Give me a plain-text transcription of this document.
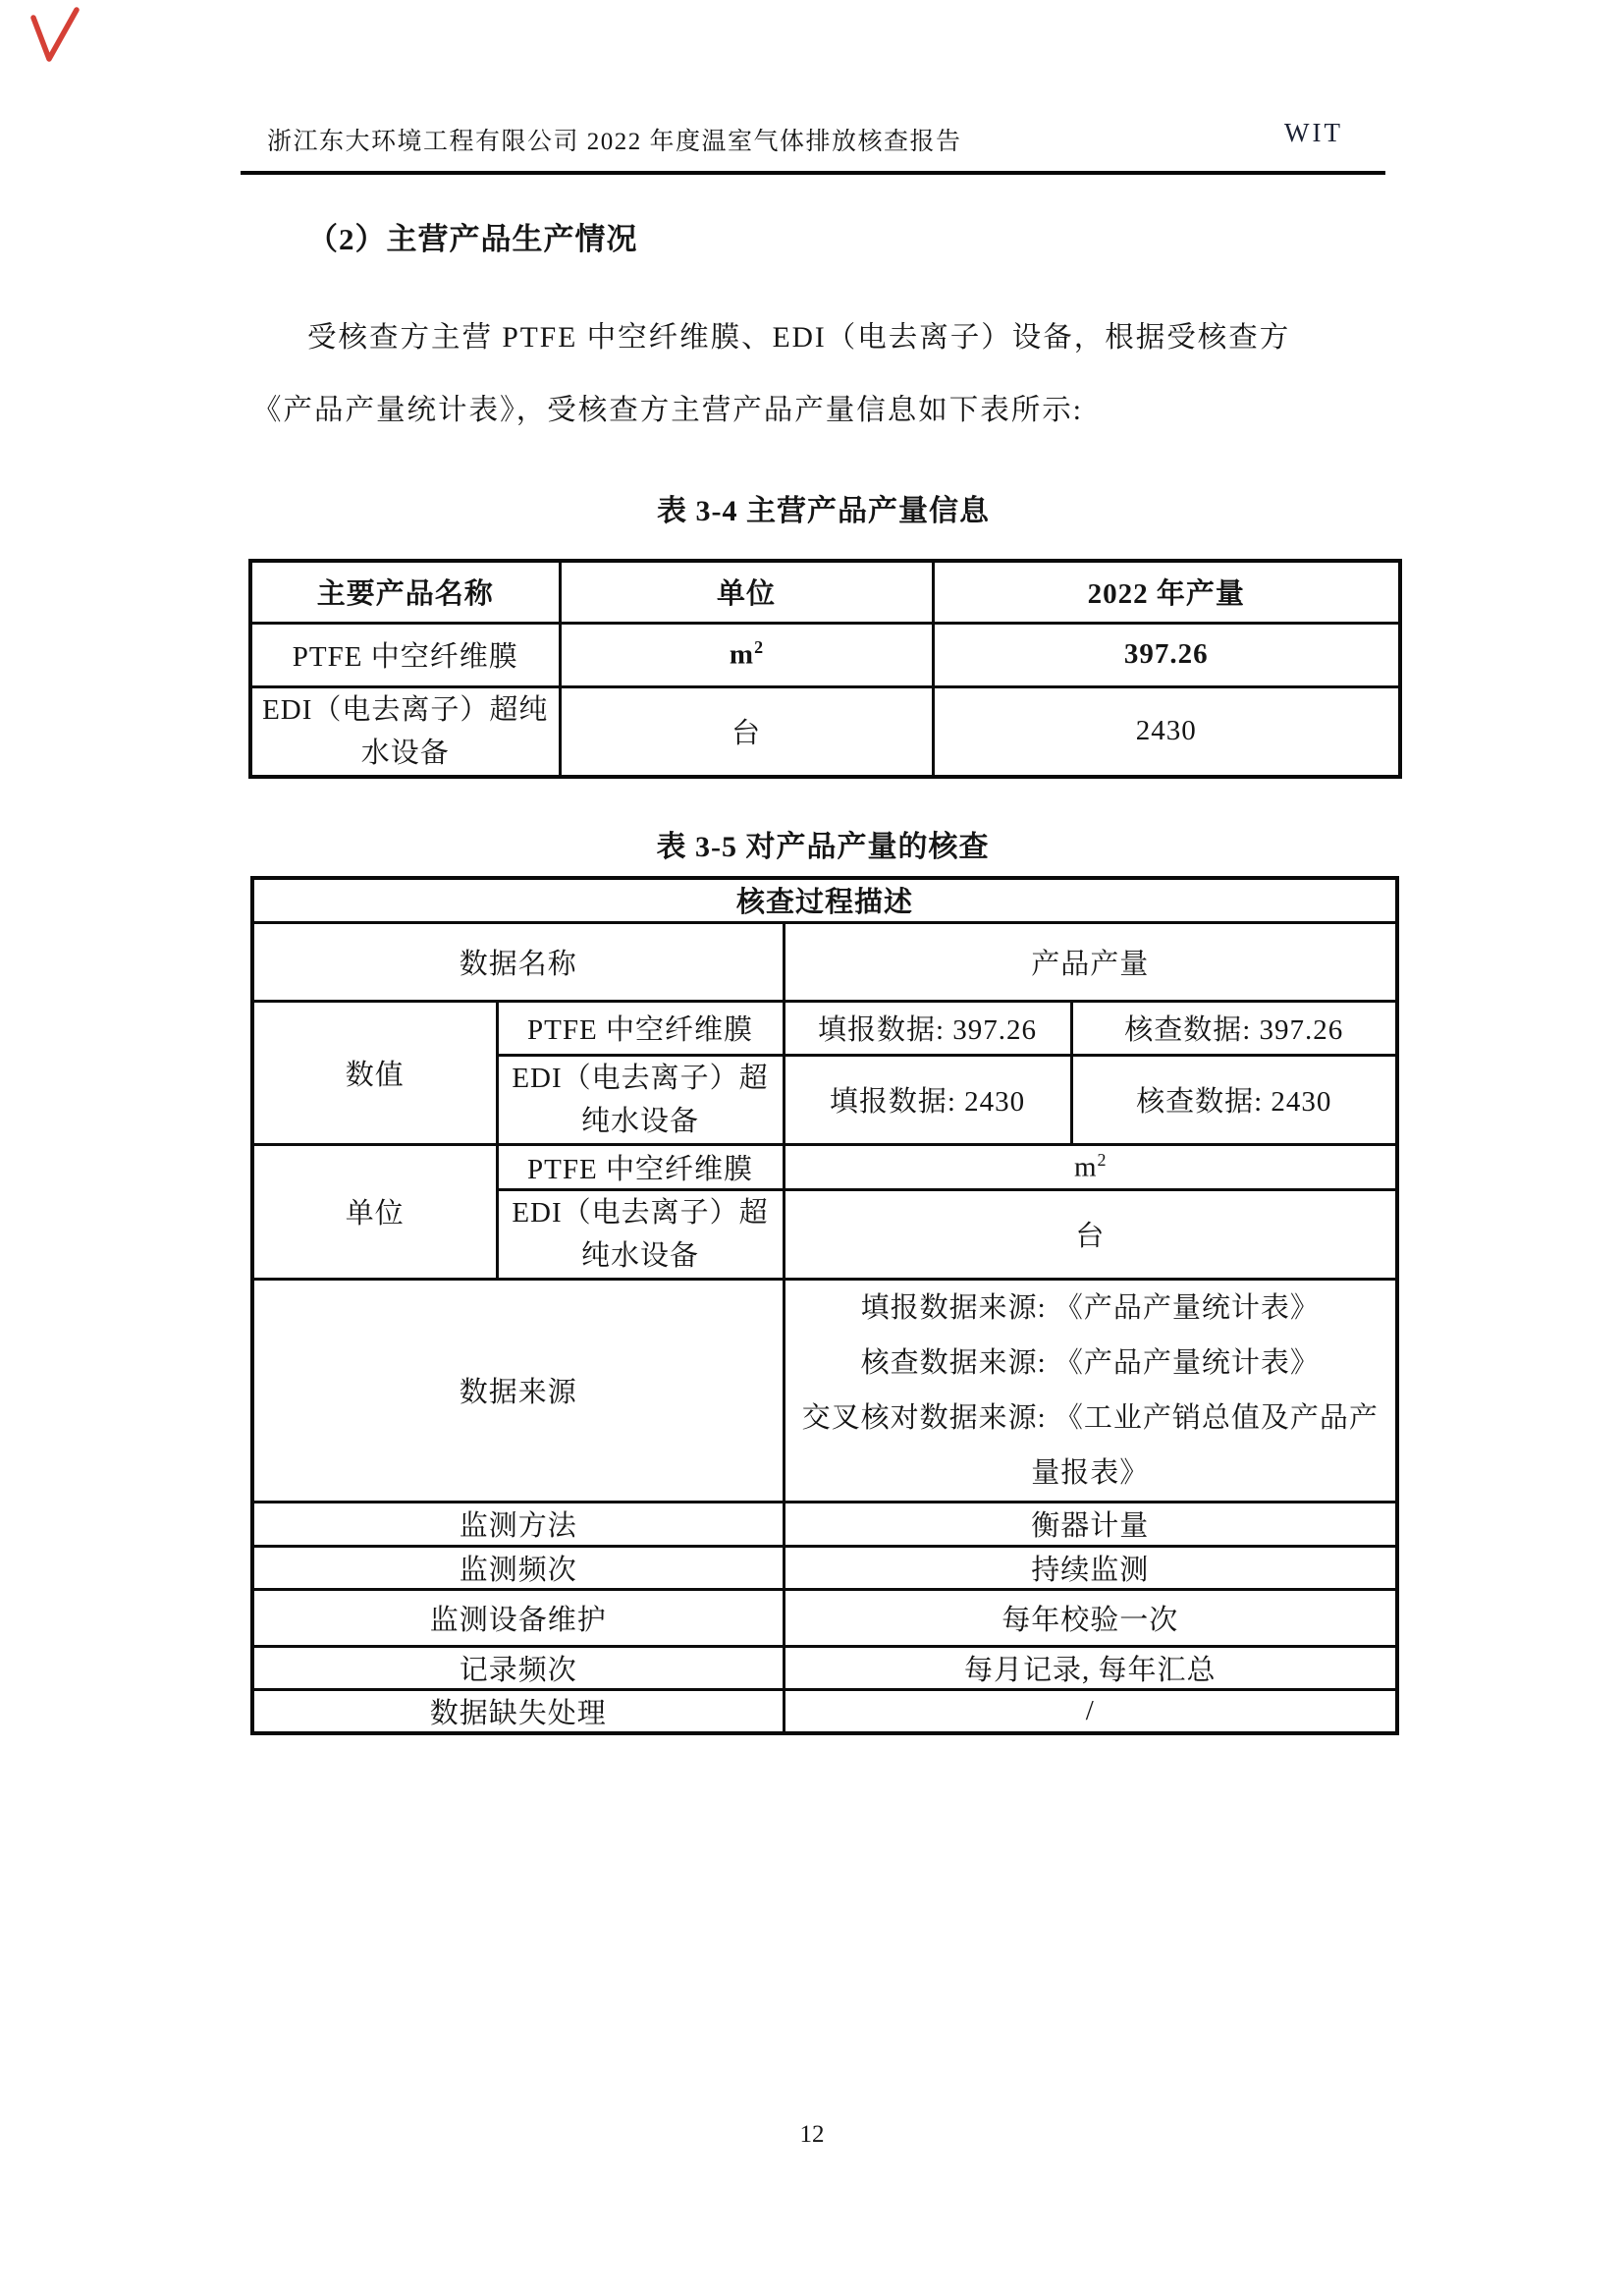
浙江东大环境工程有限公司 2022 年度温室气体排放核查报告	WIT
（2）主营产品生产情况
受核查方主营 PTFE 中空纤维膜、EDI（电去离子）设备，根据受核查方
《产品产量统计表》，受核查方主营产品产量信息如下表所示:
表 3-4 主营产品产量信息
主要产品名称	单位	2022 年产量
PTFE 中空纤维膜	$m^2$	397.26
EDI（电去离子）超纯
水设备	台	2430
表 3-5 对产品产量的核查
核查过程描述			
数据名称		产品产量	
数值	PTFE 中空纤维膜	填报数据: 397.26	核查数据: 397.26
	EDI（电去离子）超
纯水设备	填报数据: 2430	核查数据: 2430
单位	PTFE 中空纤维膜	$m^2$
	EDI（电去离子）超
纯水设备	台	
数据来源		填报数据来源: 《产品产量统计表》
核查数据来源: 《产品产量统计表》
交叉核对数据来源: 《工业产销总值及产品产
量报表》	

监测方法		衡器计量	
监测频次		持续监测	
监测设备维护		每年校验一次	
记录频次		每月记录, 每年汇总	
数据缺失处理		/	
12
